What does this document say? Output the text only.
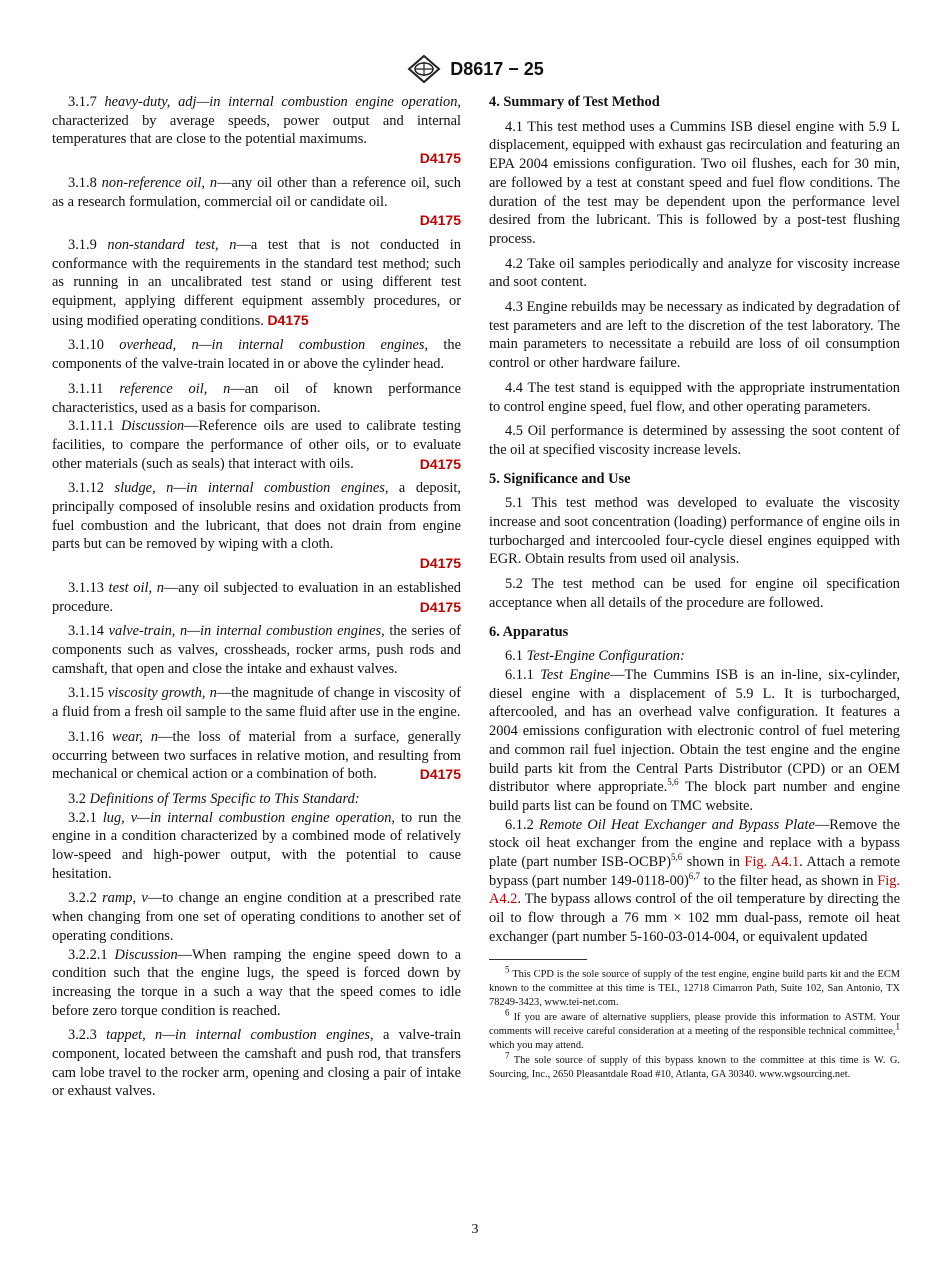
D8617 − 25

3.1.7 heavy-duty, adj—in internal combustion engine operation, characterized by average speeds, power output and internal temperatures that are close to the potential maximums.
D4175

3.1.8 non-reference oil, n—any oil other than a reference oil, such as a research formulation, commercial oil or candidate oil.
D4175

3.1.9 non-standard test, n—a test that is not conducted in conformance with the requirements in the standard test method; such as running in an uncalibrated test stand or using different test equipment, applying different equipment assembly procedures, or using modified operating conditions. D4175

3.1.10 overhead, n—in internal combustion engines, the components of the valve-train located in or above the cylinder head.

3.1.11 reference oil, n—an oil of known performance characteristics, used as a basis for comparison.

3.1.11.1 Discussion—Reference oils are used to calibrate testing facilities, to compare the performance of other oils, or to evaluate other materials (such as seals) that interact with oils.	D4175

3.1.12 sludge, n—in internal combustion engines, a deposit, principally composed of insoluble resins and oxidation products from fuel combustion and the lubricant, that does not drain from engine parts but can be removed by wiping with a cloth.
D4175

3.1.13 test oil, n—any oil subjected to evaluation in an established procedure.	D4175

3.1.14 valve-train, n—in internal combustion engines, the series of components such as valves, crossheads, rocker arms, push rods and camshaft, that open and close the intake and exhaust valves.

3.1.15 viscosity growth, n—the magnitude of change in viscosity of a fluid from a fresh oil sample to the same fluid after use in the engine.

3.1.16 wear, n—the loss of material from a surface, generally occurring between two surfaces in relative motion, and resulting from mechanical or chemical action or a combination of both.	D4175

3.2 Definitions of Terms Specific to This Standard:

3.2.1 lug, v—in internal combustion engine operation, to run the engine in a condition characterized by a combined mode of relatively low-speed and high-power output, with the potential to cause hesitation.

3.2.2 ramp, v—to change an engine condition at a prescribed rate when changing from one set of operating conditions to another set of operating conditions.

3.2.2.1 Discussion—When ramping the engine speed down to a condition such that the engine lugs, the speed is forced down by increasing the torque in a such a way that the speed comes to idle before zero torque condition is reached.

3.2.3 tappet, n—in internal combustion engines, a valve-train component, located between the camshaft and push rod, that transfers cam lobe travel to the rocker arm, opening and closing a pair of intake or exhaust valves.

4. Summary of Test Method

4.1 This test method uses a Cummins ISB diesel engine with 5.9 L displacement, equipped with exhaust gas recirculation and featuring an EPA 2004 emissions configuration. Two oil flushes, each for 30 min, are followed by a test at constant speed and fuel flow conditions. The duration of the test may be dependent upon the performance level desired from the lubricant. This is followed by a post-test flushing process.

4.2 Take oil samples periodically and analyze for viscosity increase and soot content.

4.3 Engine rebuilds may be necessary as indicated by degradation of test parameters and are left to the discretion of the test laboratory. The main parameters to necessitate a rebuild are loss of oil consumption control or other hardware failure.

4.4 The test stand is equipped with the appropriate instrumentation to control engine speed, fuel flow, and other operating parameters.

4.5 Oil performance is determined by assessing the soot content of the oil at specified viscosity increase levels.

5. Significance and Use

5.1 This test method was developed to evaluate the viscosity increase and soot concentration (loading) performance of engine oils in turbocharged and intercooled four-cycle diesel engines equipped with EGR. Obtain results from used oil analysis.

5.2 The test method can be used for engine oil specification acceptance when all details of the procedure are followed.

6. Apparatus

6.1 Test-Engine Configuration:

6.1.1 Test Engine—The Cummins ISB is an in-line, six-cylinder, diesel engine with a displacement of 5.9 L. It is turbocharged, aftercooled, and has an overhead valve configuration. It features a 2004 emissions configuration with electronic control of fuel metering and common rail fuel injection. Obtain the test engine and the engine build parts kit from the Central Parts Distributor (CPD) or an OEM distributor where appropriate.$^{5,6}$ The block part number and engine build parts list can be found on TMC website.

6.1.2 Remote Oil Heat Exchanger and Bypass Plate—Remove the stock oil heat exchanger from the engine and replace with a bypass plate (part number ISB-OCBP)$^{5,6}$ shown in Fig. A4.1. Attach a remote bypass (part number 149-0118-00)$^{6,7}$ to the filter head, as shown in Fig. A4.2. The bypass allows control of the oil temperature by directing the oil to flow through a 76 mm × 102 mm dual-pass, remote oil heat exchanger (part number 5-160-03-014-004, or equivalent updated

$^5$ This CPD is the sole source of supply of the test engine, engine build parts kit and the ECM known to the committee at this time is TEI., 12718 Cimarron Path, Suite 102, San Antonio, TX 78249-3423, www.tei-net.com.

$^6$ If you are aware of alternative suppliers, please provide this information to ASTM. Your comments will receive careful consideration at a meeting of the responsible technical committee,$^1$ which you may attend.

$^7$ The sole source of supply of this bypass known to the committee at this time is W. G. Sourcing, Inc., 2650 Pleasantdale Road #10, Atlanta, GA 30340. www.wgsourcing.net.

3
